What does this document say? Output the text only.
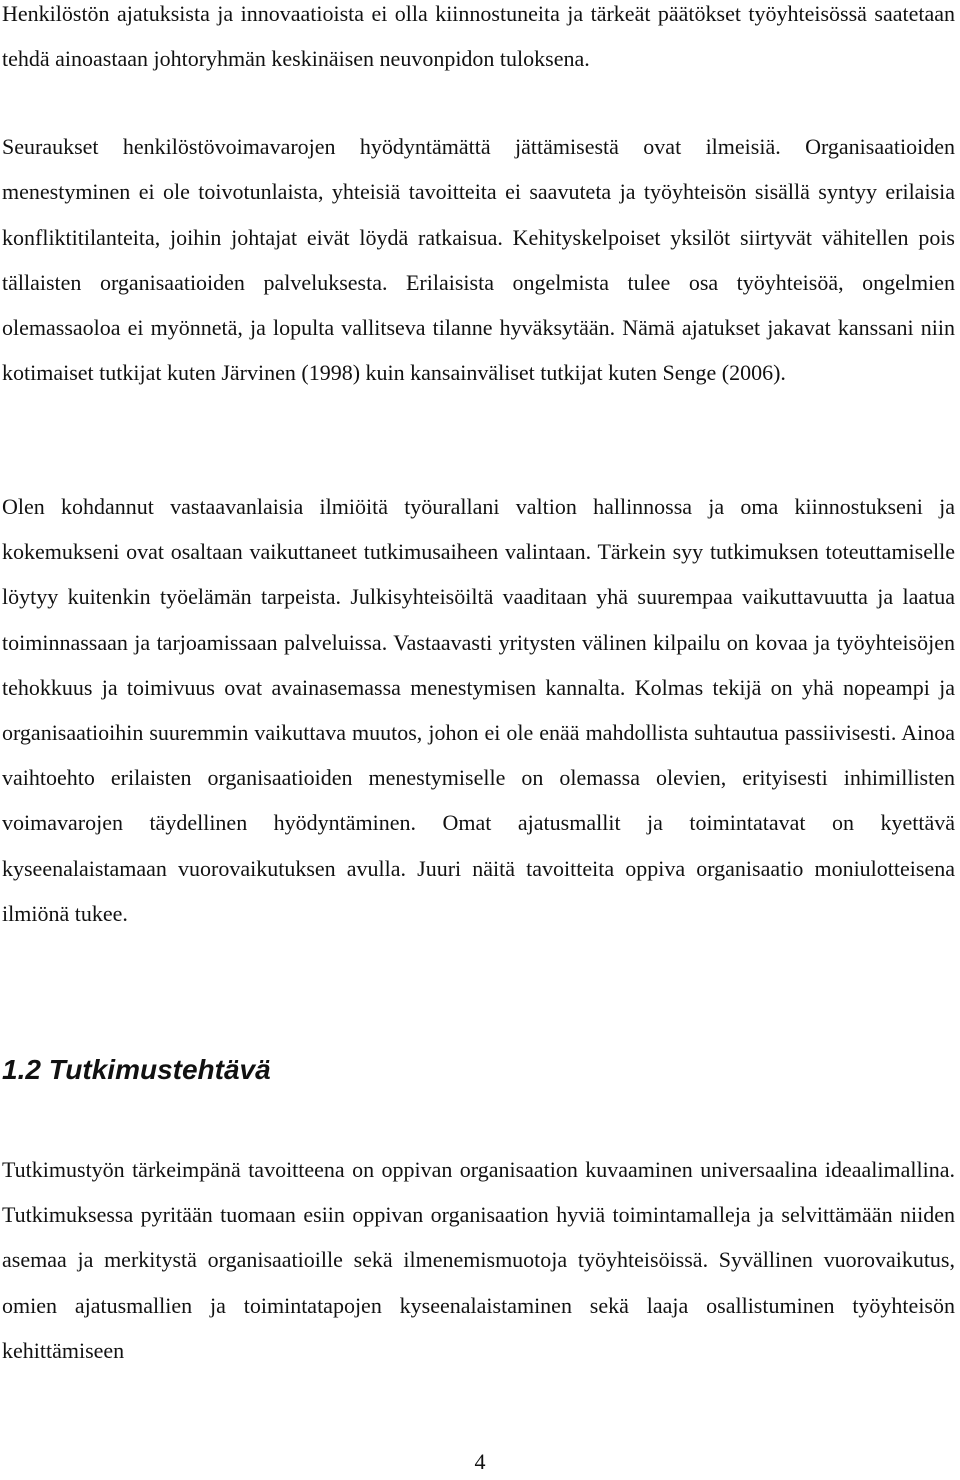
Henkilöstön ajatuksista ja innovaatioista ei olla kiinnostuneita ja tärkeät päätökset työyhteisössä saatetaan tehdä ainoastaan johtoryhmän keskinäisen neuvonpidon tuloksena.

Seuraukset henkilöstövoimavarojen hyödyntämättä jättämisestä ovat ilmeisiä. Organisaatioiden menestyminen ei ole toivotunlaista, yhteisiä tavoitteita ei saavuteta ja työyhteisön sisällä syntyy erilaisia konfliktitilanteita, joihin johtajat eivät löydä ratkaisua. Kehityskelpoiset yksilöt siirtyvät vähitellen pois tällaisten organisaatioiden palveluksesta. Erilaisista ongelmista tulee osa työyhteisöä, ongelmien olemassaoloa ei myönnetä, ja lopulta vallitseva tilanne hyväksytään. Nämä ajatukset jakavat kanssani niin kotimaiset tutkijat kuten Järvinen (1998) kuin kansainväliset tutkijat kuten Senge (2006).

Olen kohdannut vastaavanlaisia ilmiöitä työurallani valtion hallinnossa ja oma kiinnostukseni ja kokemukseni ovat osaltaan vaikuttaneet tutkimusaiheen valintaan. Tärkein syy tutkimuksen toteuttamiselle löytyy kuitenkin työelämän tarpeista. Julkisyhteisöiltä vaaditaan yhä suurempaa vaikuttavuutta ja laatua toiminnassaan ja tarjoamissaan palveluissa. Vastaavasti yritysten välinen kilpailu on kovaa ja työyhteisöjen tehokkuus ja toimivuus ovat avainasemassa menestymisen kannalta. Kolmas tekijä on yhä nopeampi ja organisaatioihin suuremmin vaikuttava muutos, johon ei ole enää mahdollista suhtautua passiivisesti. Ainoa vaihtoehto erilaisten organisaatioiden menestymiselle on olemassa olevien, erityisesti inhimillisten voimavarojen täydellinen hyödyntäminen. Omat ajatusmallit ja toimintatavat on kyettävä kyseenalaistamaan vuorovaikutuksen avulla. Juuri näitä tavoitteita oppiva organisaatio moniulotteisena ilmiönä tukee.

1.2 Tutkimustehtävä

Tutkimustyön tärkeimpänä tavoitteena on oppivan organisaation kuvaaminen universaalina ideaalimallina. Tutkimuksessa pyritään tuomaan esiin oppivan organisaation hyviä toimintamalleja ja selvittämään niiden asemaa ja merkitystä organisaatioille sekä ilmenemismuotoja työyhteisöissä. Syvällinen vuorovaikutus, omien ajatusmallien ja toimintatapojen kyseenalaistaminen sekä laaja osallistuminen työyhteisön kehittämiseen

4
